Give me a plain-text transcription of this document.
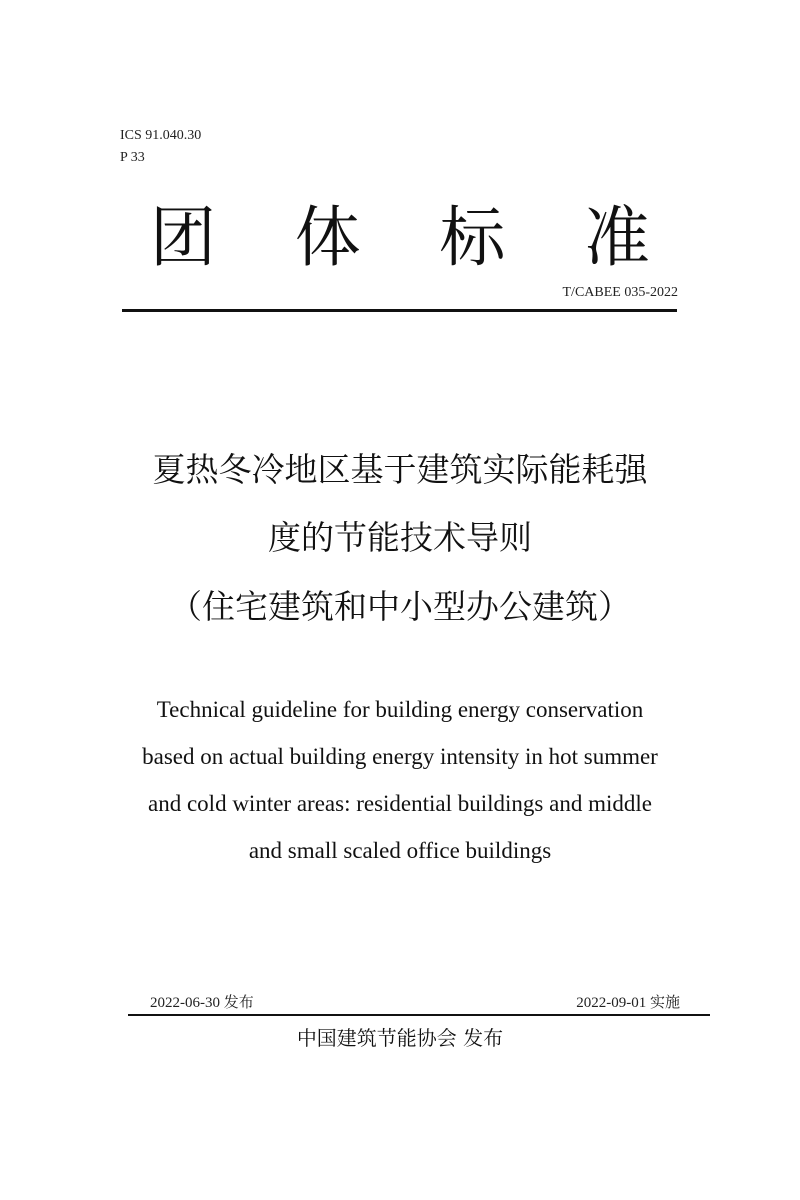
ICS 91.040.30
P 33
团 体 标 准
T/CABEE 035-2022
夏热冬冷地区基于建筑实际能耗强
度的节能技术导则
（住宅建筑和中小型办公建筑）
Technical guideline for building energy conservation
based on actual building energy intensity in hot summer
and cold winter areas: residential buildings and middle
and small scaled office buildings
2022-06-30 发布	2022-09-01 实施
中国建筑节能协会 发布
